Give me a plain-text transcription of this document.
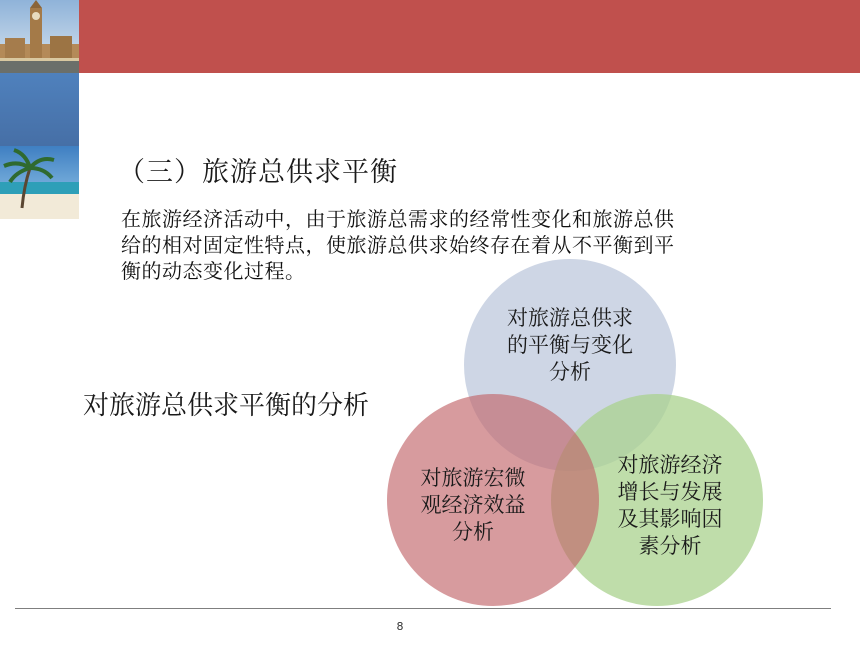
（三）旅游总供求平衡

在旅游经济活动中，由于旅游总需求的经常性变化和旅游总供

给的相对固定性特点，使旅游总供求始终存在着从不平衡到平

衡的动态变化过程。

对旅游总供求平衡的分析
对旅游总供求
的平衡与变化
分析
对旅游宏微
观经济效益
分析
对旅游经济
增长与发展
及其影响因
素分析
8
